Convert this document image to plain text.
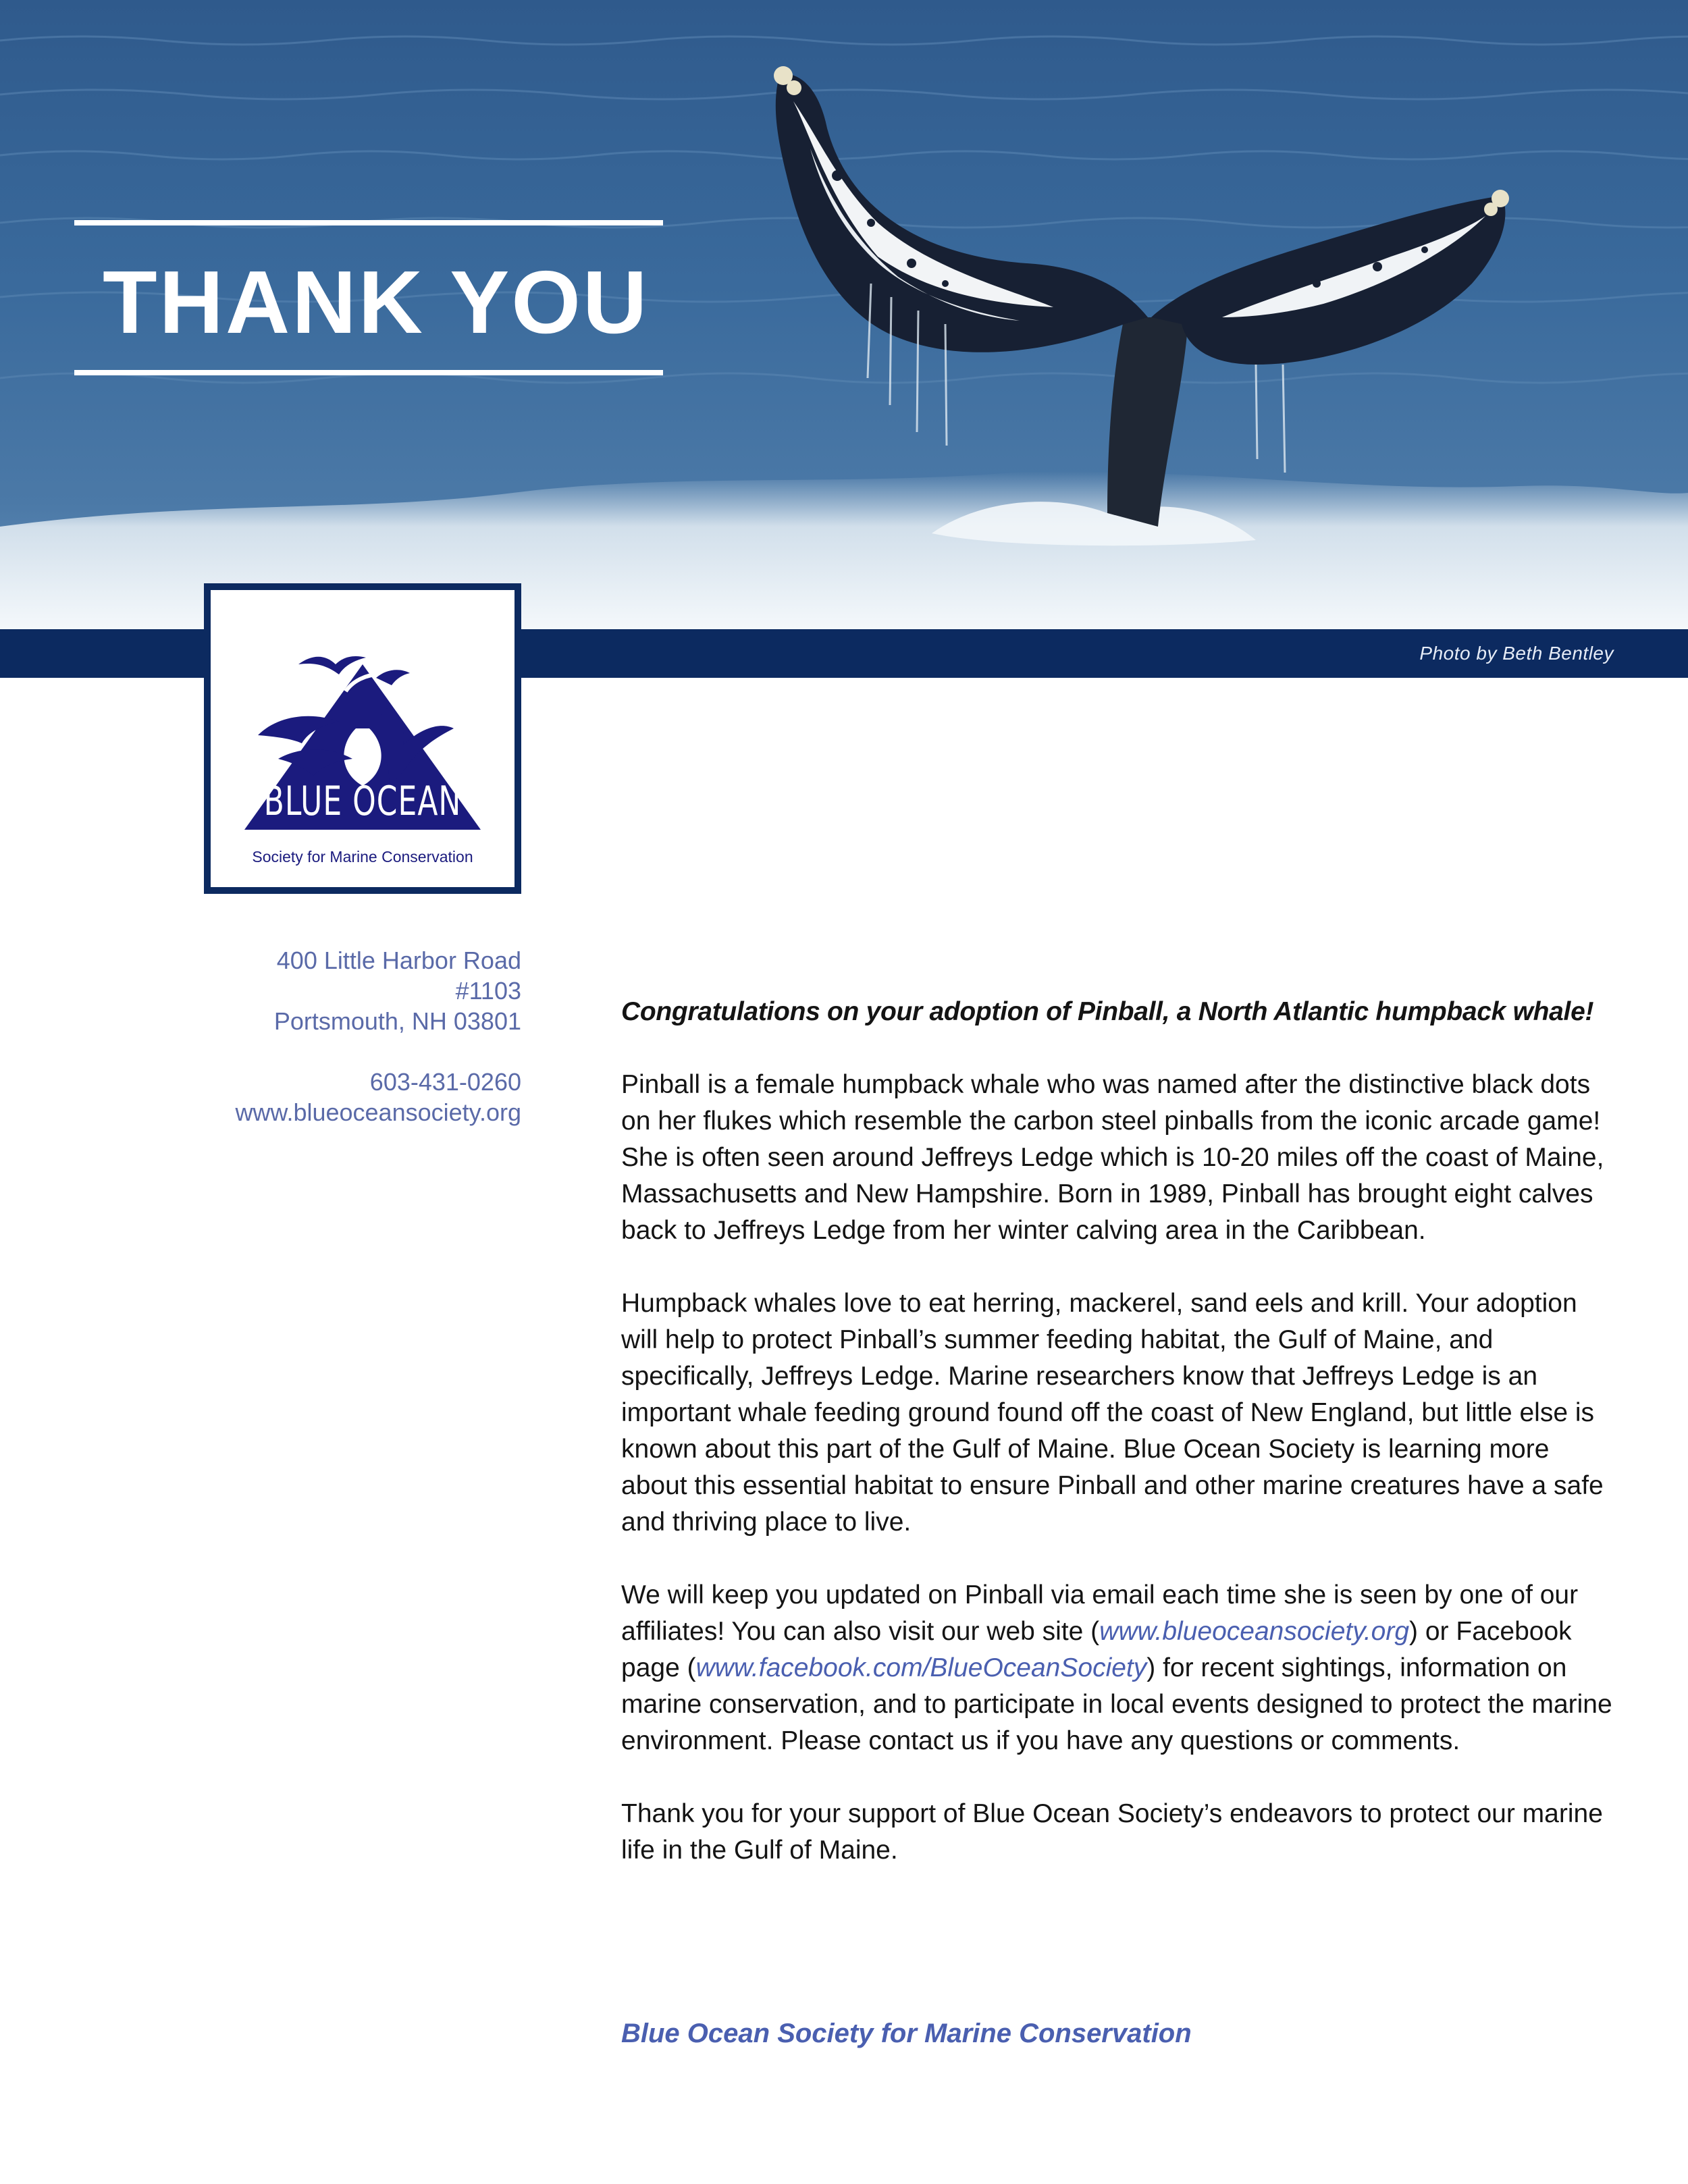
THANK YOU
Photo by Beth Bentley
BLUE OCEAN
Society for Marine Conservation
400 Little Harbor Road
#1103
Portsmouth, NH 03801
603-431-0260
www.blueoceansociety.org

Congratulations on your adoption of Pinball, a North Atlantic humpback whale!

Pinball is a female humpback whale who was named after the distinctive black dots on her flukes which resemble the carbon steel pinballs from the iconic arcade game! She is often seen around Jeffreys Ledge which is 10-20 miles off the coast of Maine, Massachusetts and New Hampshire. Born in 1989, Pinball has brought eight calves back to Jeffreys Ledge from her winter calving area in the Caribbean.

Humpback whales love to eat herring, mackerel, sand eels and krill. Your adoption will help to protect Pinball’s summer feeding habitat, the Gulf of Maine, and specifically, Jeffreys Ledge. Marine researchers know that Jeffreys Ledge is an important whale feeding ground found off the coast of New England, but little else is known about this part of the Gulf of Maine. Blue Ocean Society is learning more about this essential habitat to ensure Pinball and other marine creatures have a safe and thriving place to live.

We will keep you updated on Pinball via email each time she is seen by one of our affiliates! You can also visit our web site (www.blueoceansociety.org) or Facebook page (www.facebook.com/BlueOceanSociety) for recent sightings, information on marine conservation, and to participate in local events designed to protect the marine environment. Please contact us if you have any questions or comments.

Thank you for your support of Blue Ocean Society’s endeavors to protect our marine life in the Gulf of Maine.

Blue Ocean Society for Marine Conservation
